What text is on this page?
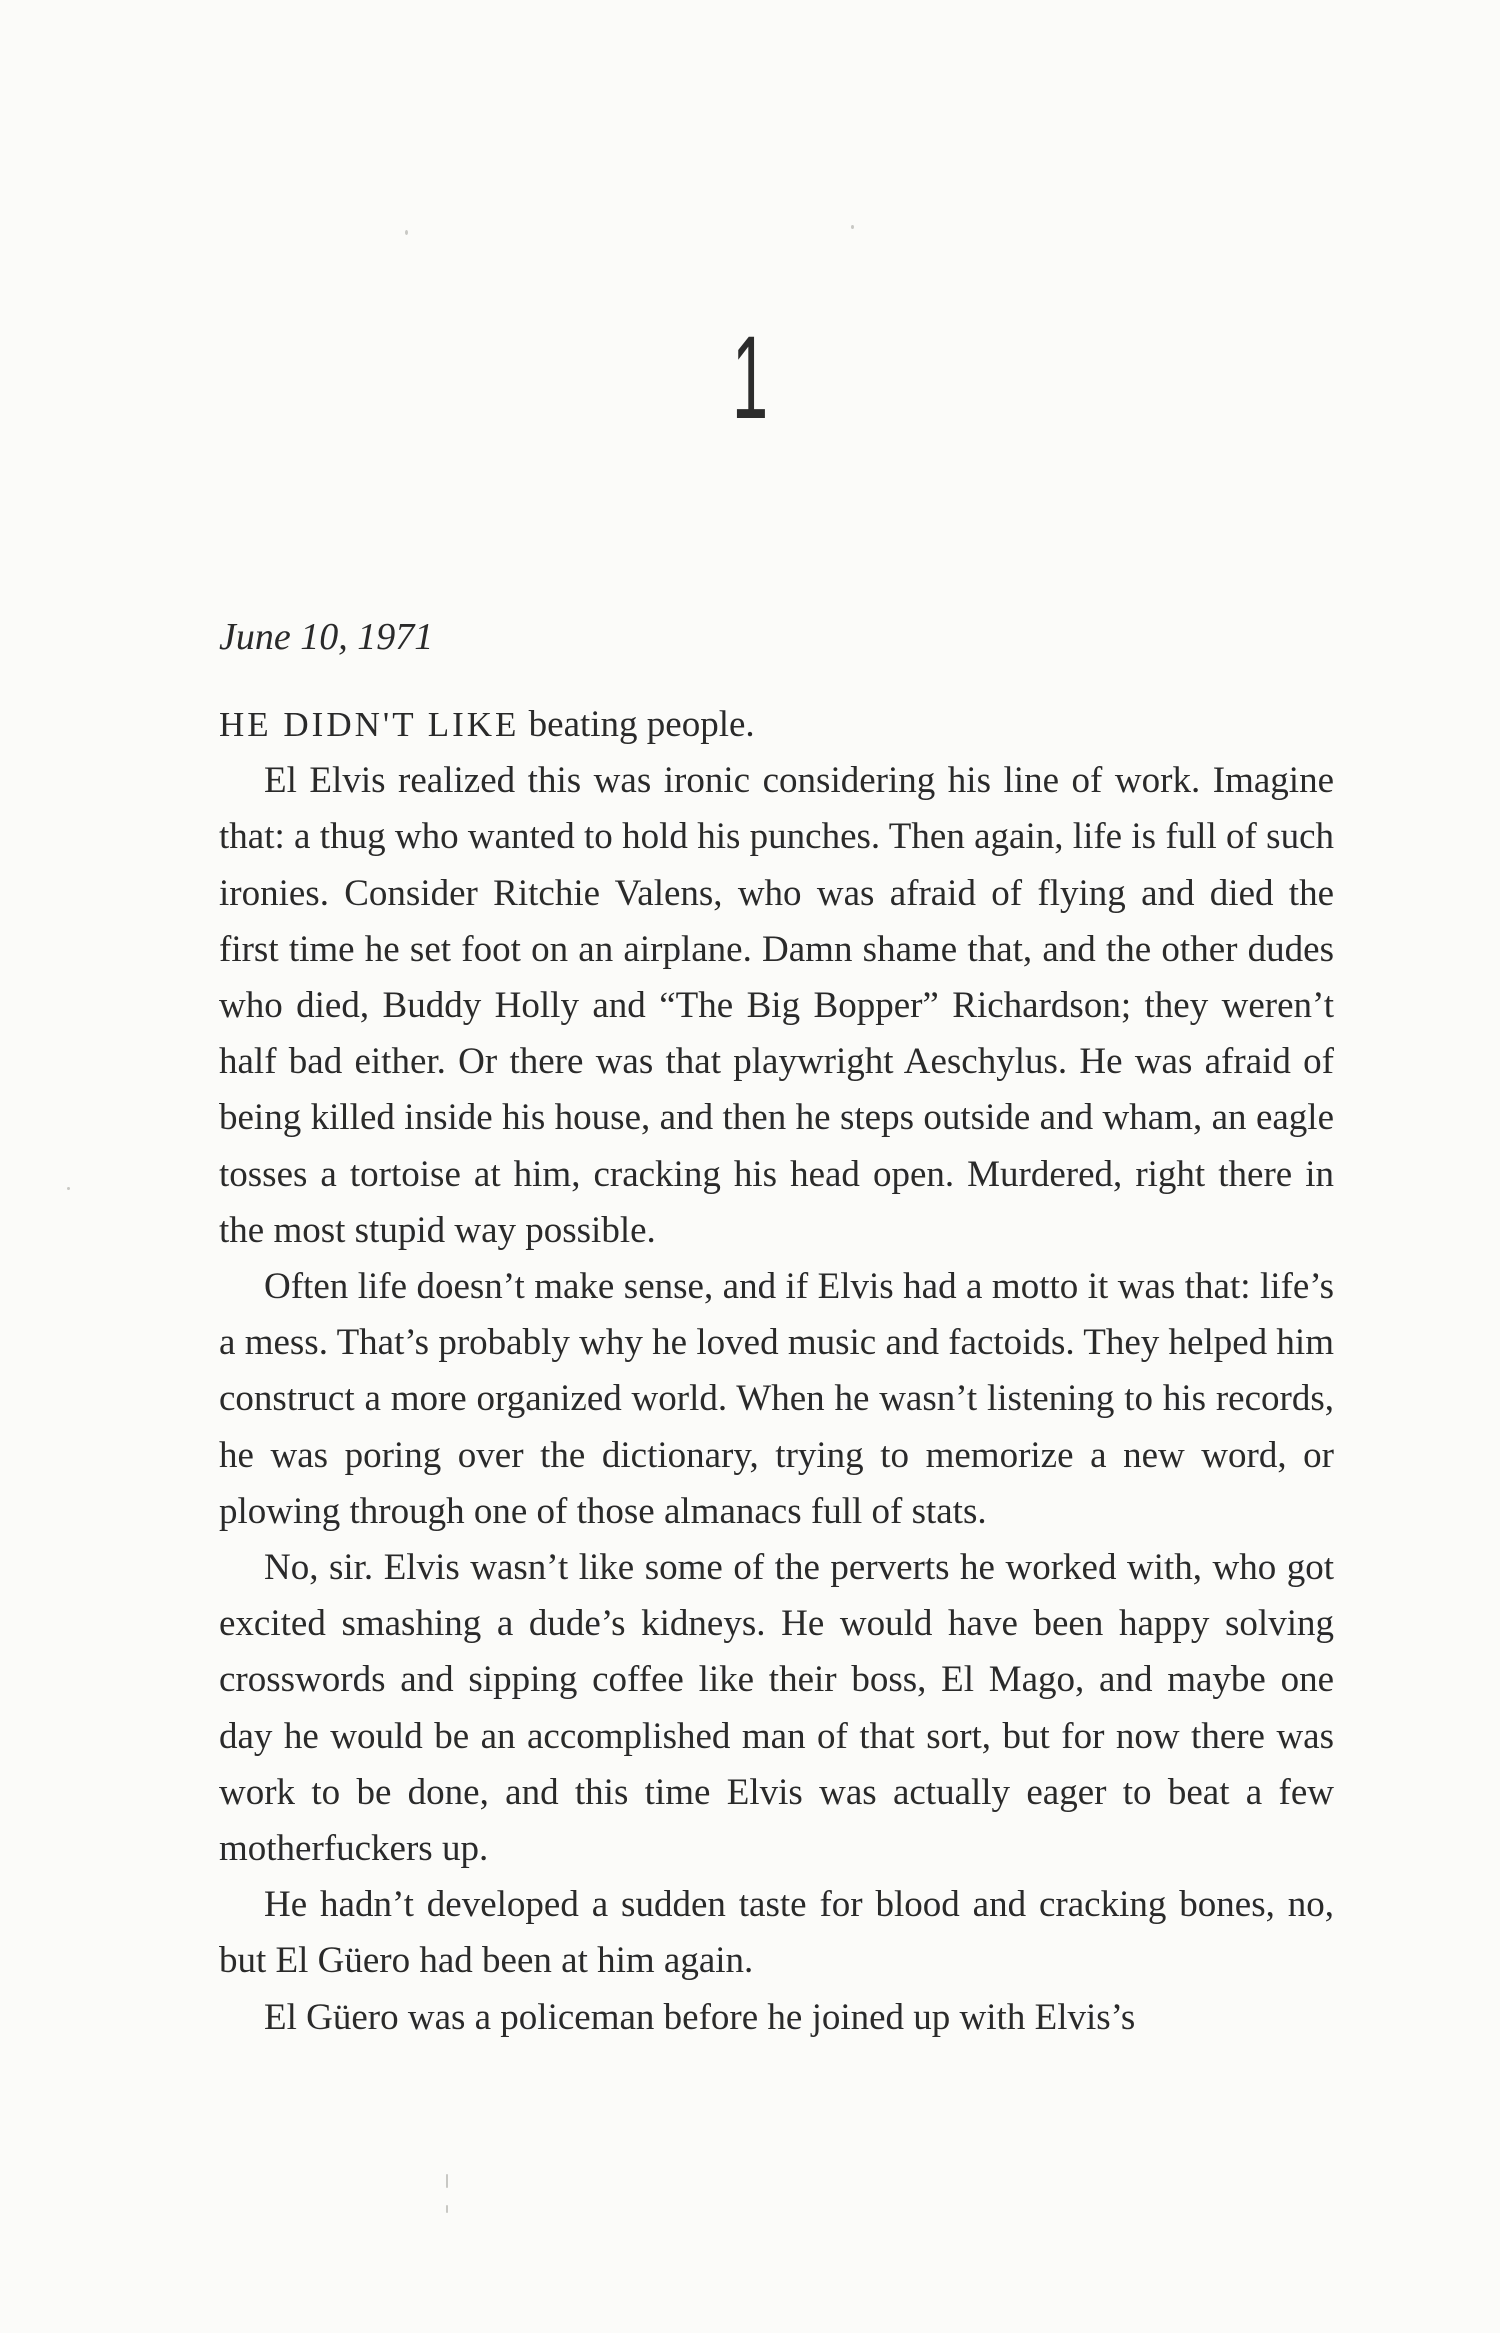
1

June 10, 1971

HE DIDN'T LIKE beating people.

El Elvis realized this was ironic considering his line of work. Imagine that: a thug who wanted to hold his punches. Then again, life is full of such ironies. Consider Ritchie Valens, who was afraid of flying and died the first time he set foot on an airplane. Damn shame that, and the other dudes who died, Buddy Holly and “The Big Bopper” Richardson; they weren’t half bad either. Or there was that playwright Aeschylus. He was afraid of being killed inside his house, and then he steps outside and wham, an eagle tosses a tortoise at him, cracking his head open. Murdered, right there in the most stupid way possible.

Often life doesn’t make sense, and if Elvis had a motto it was that: life’s a mess. That’s probably why he loved music and factoids. They helped him construct a more organized world. When he wasn’t listening to his records, he was poring over the dictionary, trying to memorize a new word, or plowing through one of those almanacs full of stats.

No, sir. Elvis wasn’t like some of the perverts he worked with, who got excited smashing a dude’s kidneys. He would have been happy solving crosswords and sipping coffee like their boss, El Mago, and maybe one day he would be an accomplished man of that sort, but for now there was work to be done, and this time Elvis was actually eager to beat a few motherfuckers up.

He hadn’t developed a sudden taste for blood and cracking bones, no, but El Güero had been at him again.

El Güero was a policeman before he joined up with Elvis’s
